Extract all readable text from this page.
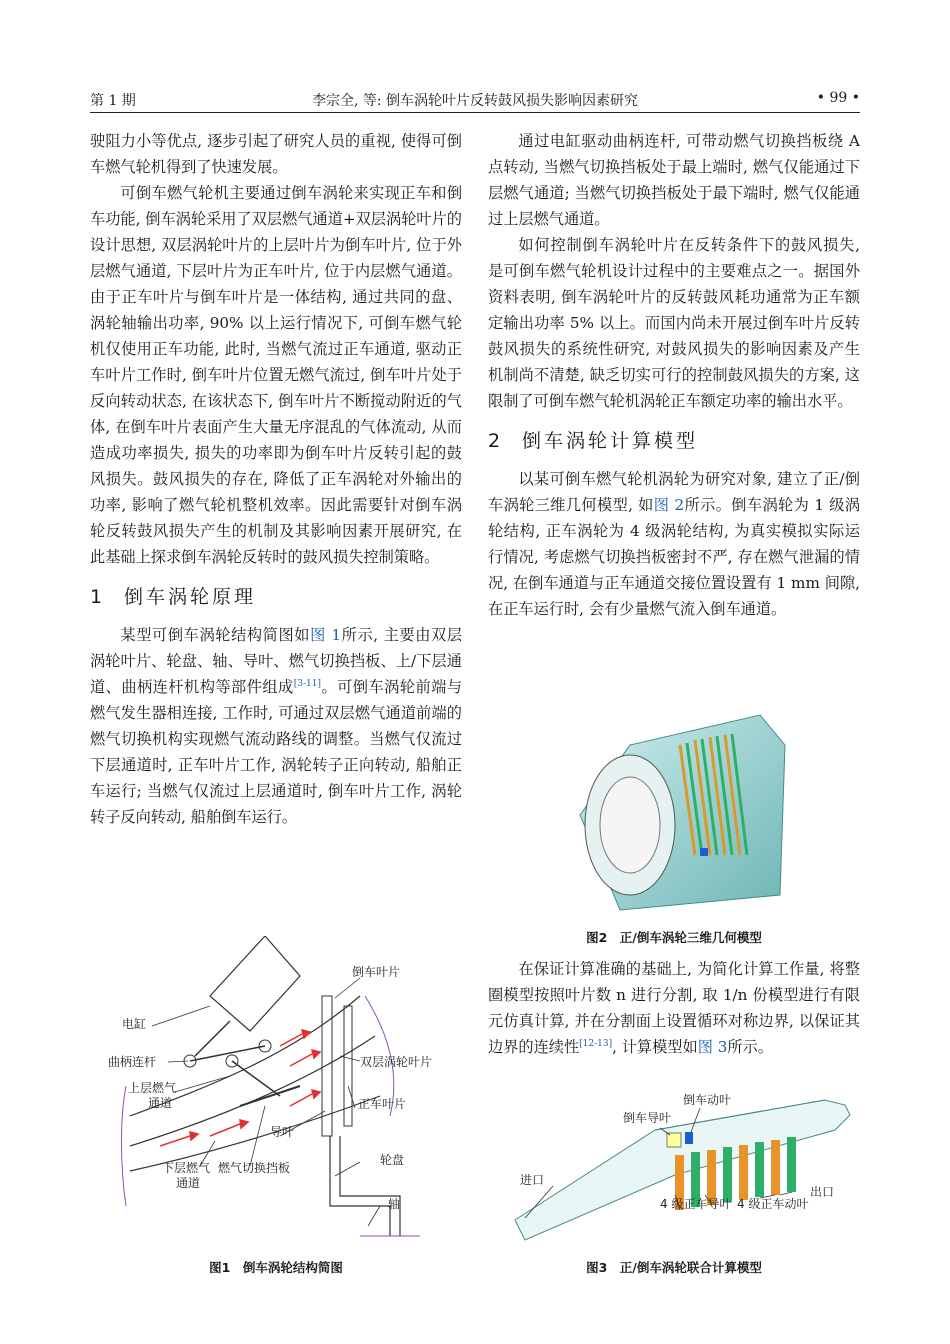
第 1 期	李宗全, 等: 倒车涡轮叶片反转鼓风损失影响因素研究	• 99 •

驶阻力小等优点, 逐步引起了研究人员的重视, 使得可倒车燃气轮机得到了快速发展。

可倒车燃气轮机主要通过倒车涡轮来实现正车和倒车功能, 倒车涡轮采用了双层燃气通道+双层涡轮叶片的设计思想, 双层涡轮叶片的上层叶片为倒车叶片, 位于外层燃气通道, 下层叶片为正车叶片, 位于内层燃气通道。由于正车叶片与倒车叶片是一体结构, 通过共同的盘、涡轮轴输出功率, 90% 以上运行情况下, 可倒车燃气轮机仅使用正车功能, 此时, 当燃气流过正车通道, 驱动正车叶片工作时, 倒车叶片位置无燃气流过, 倒车叶片处于反向转动状态, 在该状态下, 倒车叶片不断搅动附近的气体, 在倒车叶片表面产生大量无序混乱的气体流动, 从而造成功率损失, 损失的功率即为倒车叶片反转引起的鼓风损失。鼓风损失的存在, 降低了正车涡轮对外输出的功率, 影响了燃气轮机整机效率。因此需要针对倒车涡轮反转鼓风损失产生的机制及其影响因素开展研究, 在此基础上探求倒车涡轮反转时的鼓风损失控制策略。

1 倒车涡轮原理

某型可倒车涡轮结构简图如图 1所示, 主要由双层涡轮叶片、轮盘、轴、导叶、燃气切换挡板、上/下层通道、曲柄连杆机构等部件组成[3-11]。可倒车涡轮前端与燃气发生器相连接, 工作时, 可通过双层燃气通道前端的燃气切换机构实现燃气流动路线的调整。当燃气仅流过下层通道时, 正车叶片工作, 涡轮转子正向转动, 船舶正车运行; 当燃气仅流过上层通道时, 倒车叶片工作, 涡轮转子反向转动, 船舶倒车运行。

通过电缸驱动曲柄连杆, 可带动燃气切换挡板绕 A 点转动, 当燃气切换挡板处于最上端时, 燃气仅能通过下层燃气通道; 当燃气切换挡板处于最下端时, 燃气仅能通过上层燃气通道。

如何控制倒车涡轮叶片在反转条件下的鼓风损失, 是可倒车燃气轮机设计过程中的主要难点之一。据国外资料表明, 倒车涡轮叶片的反转鼓风耗功通常为正车额定输出功率 5% 以上。而国内尚未开展过倒车叶片反转鼓风损失的系统性研究, 对鼓风损失的影响因素及产生机制尚不清楚, 缺乏切实可行的控制鼓风损失的方案, 这限制了可倒车燃气轮机涡轮正车额定功率的输出水平。

2 倒车涡轮计算模型

以某可倒车燃气轮机涡轮为研究对象, 建立了正/倒车涡轮三维几何模型, 如图 2所示。倒车涡轮为 1 级涡轮结构, 正车涡轮为 4 级涡轮结构, 为真实模拟实际运行情况, 考虑燃气切换挡板密封不严, 存在燃气泄漏的情况, 在倒车通道与正车通道交接位置设置有 1 mm 间隙, 在正车运行时, 会有少量燃气流入倒车通道。

在保证计算准确的基础上, 为简化计算工作量, 将整圈模型按照叶片数 n 进行分割, 取 1/n 份模型进行有限元仿真计算, 并在分割面上设置循环对称边界, 以保证其边界的连续性[12-13], 计算模型如图 3所示。

倒车叶片
电缸
曲柄连杆	双层涡轮叶片
上层燃气
通道	正车叶片
导叶
轮盘
下层燃气
通道
燃气切换挡板
轴
图1　倒车涡轮结构简图
图2　正/倒车涡轮三维几何模型
倒车动叶
倒车导叶
进口
出口
4 级正车导叶 4 级正车动叶
图3　正/倒车涡轮联合计算模型
